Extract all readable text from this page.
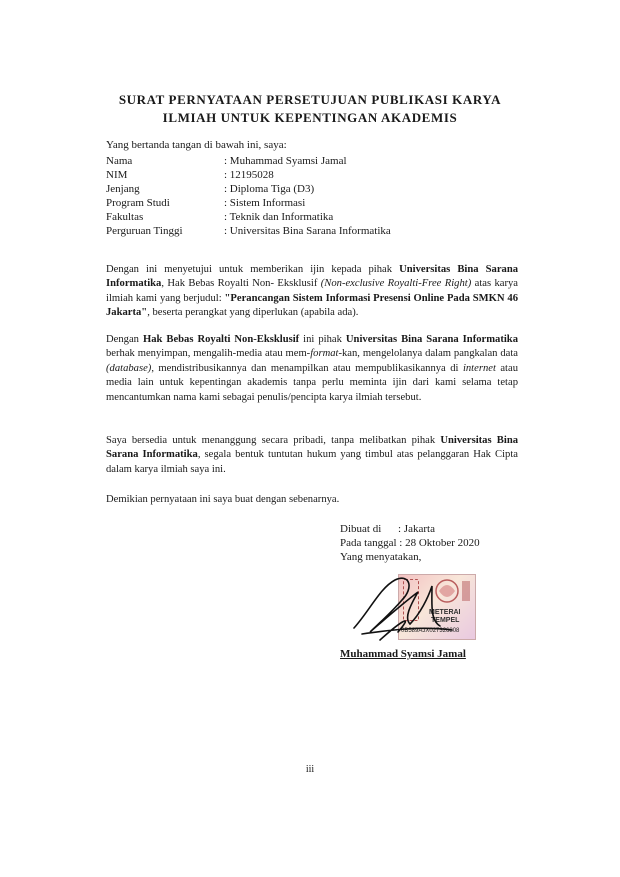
SURAT PERNYATAAN PERSETUJUAN PUBLIKASI KARYA
ILMIAH UNTUK KEPENTINGAN AKADEMIS
Yang bertanda tangan di bawah ini, saya:
Nama	: Muhammad Syamsi Jamal
NIM	: 12195028
Jenjang	: Diploma Tiga (D3)
Program Studi	: Sistem Informasi
Fakultas	: Teknik dan Informatika
Perguruan Tinggi	: Universitas Bina Sarana Informatika
Dengan ini menyetujui untuk memberikan ijin kepada pihak Universitas Bina Sarana Informatika, Hak Bebas Royalti Non- Eksklusif (Non-exclusive Royalti-Free Right) atas karya ilmiah kami yang berjudul: "Perancangan Sistem Informasi Presensi Online Pada SMKN 46 Jakarta", beserta perangkat yang diperlukan (apabila ada).
Dengan Hak Bebas Royalti Non-Eksklusif ini pihak Universitas Bina Sarana Informatika berhak menyimpan, mengalih-media atau mem-format-kan, mengelolanya dalam pangkalan data (database), mendistribusikannya dan menampilkan atau mempublikasikannya di internet atau media lain untuk kepentingan akademis tanpa perlu meminta ijin dari kami selama tetap mencantumkan nama kami sebagai penulis/pencipta karya ilmiah tersebut.
Saya bersedia untuk menanggung secara pribadi, tanpa melibatkan pihak Universitas Bina Sarana Informatika, segala bentuk tuntutan hukum yang timbul atas pelanggaran Hak Cipta dalam karya ilmiah saya ini.
Demikian pernyataan ini saya buat dengan sebenarnya.
Dibuat di	: Jakarta
Pada tanggal : 28 Oktober 2020
Yang menyatakan,
METERAI
TEMPEL
0B589AJX027326808
Muhammad Syamsi Jamal
iii
